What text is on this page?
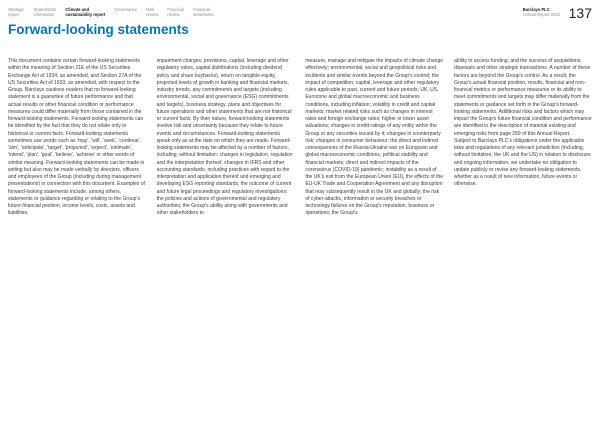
Strategic
report
Shareholder
information
Climate and
sustainability report
Governance Risk
review
Financial
review
Financial
statements
Barclays PLC
Annual Report 2023 137
Forward-looking statements

This document contains certain forward-looking statements within the meaning of Section 21E of the US Securities Exchange Act of 1934, as amended, and Section 27A of the US Securities Act of 1933, as amended, with respect to the Group. Barclays cautions readers that no forward-looking statement is a guarantee of future performance and that actual results or other financial condition or performance measures could differ materially from those contained in the forward-looking statements. Forward-looking statements can be identified by the fact that they do not relate only to historical or current facts. Forward-looking statements sometimes use words such as 'may', 'will', 'seek', 'continue', 'aim', 'anticipate', 'target', 'projected', 'expect', 'estimate', 'intend', 'plan', 'goal', 'believe', 'achieve' or other words of similar meaning. Forward-looking statements can be made in writing but also may be made verbally by directors, officers and employees of the Group (including during management presentations) in connection with this document. Examples of forward-looking statements include, among others, statements or guidance regarding or relating to the Group's future financial position, income levels, costs, assets and liabilities,

impairment charges, provisions, capital, leverage and other regulatory ratios, capital distributions (including dividend policy and share buybacks), return on tangible equity, projected levels of growth in banking and financial markets, industry trends, any commitments and targets (including environmental, social and governance (ESG) commitments and targets), business strategy, plans and objectives for future operations and other statements that are not historical or current facts. By their nature, forward-looking statements involve risk and uncertainty because they relate to future events and circumstances. Forward-looking statements speak only as at the date on which they are made. Forward-looking statements may be affected by a number of factors, including, without limitation: changes in legislation, regulation and the interpretation thereof, changes in IFRS and other accounting standards, including practices with regard to the interpretation and application thereof and emerging and developing ESG reporting standards; the outcome of current and future legal proceedings and regulatory investigations; the policies and actions of governmental and regulatory authorities; the Group's ability along with governments and other stakeholders to

measure, manage and mitigate the impacts of climate change effectively; environmental, social and geopolitical risks and incidents and similar events beyond the Group's control; the impact of competition; capital, leverage and other regulatory rules applicable to past, current and future periods; UK, US, Eurozone and global macroeconomic and business conditions, including inflation; volatility in credit and capital markets; market related risks such as changes in interest rates and foreign exchange rates; higher or lower asset valuations; changes in credit ratings of any entity within the Group or any securities issued by it; changes in counterparty risk; changes in consumer behaviour; the direct and indirect consequences of the Russia-Ukraine war on European and global macroeconomic conditions, political stability and financial markets; direct and indirect impacts of the coronavirus (COVID-19) pandemic; instability as a result of the UK's exit from the European Union (EU), the effects of the EU-UK Trade and Cooperation Agreement and any disruption that may subsequently result in the UK and globally; the risk of cyber-attacks, information or security breaches or technology failures on the Group's reputation, business or operations; the Group's

ability to access funding; and the success of acquisitions, disposals and other strategic transactions. A number of these factors are beyond the Group's control. As a result, the Group's actual financial position, results, financial and non-financial metrics or performance measures or its ability to meet commitments and targets may differ materially from the statements or guidance set forth in the Group's forward-looking statements. Additional risks and factors which may impact the Group's future financial condition and performance are identified in the description of material existing and emerging risks from page 269 of this Annual Report.

Subject to Barclays PLC's obligations under the applicable laws and regulations of any relevant jurisdiction (including, without limitation, the UK and the US) in relation to disclosure and ongoing information, we undertake no obligation to update publicly or revise any forward-looking statements, whether as a result of new information, future events or otherwise.
